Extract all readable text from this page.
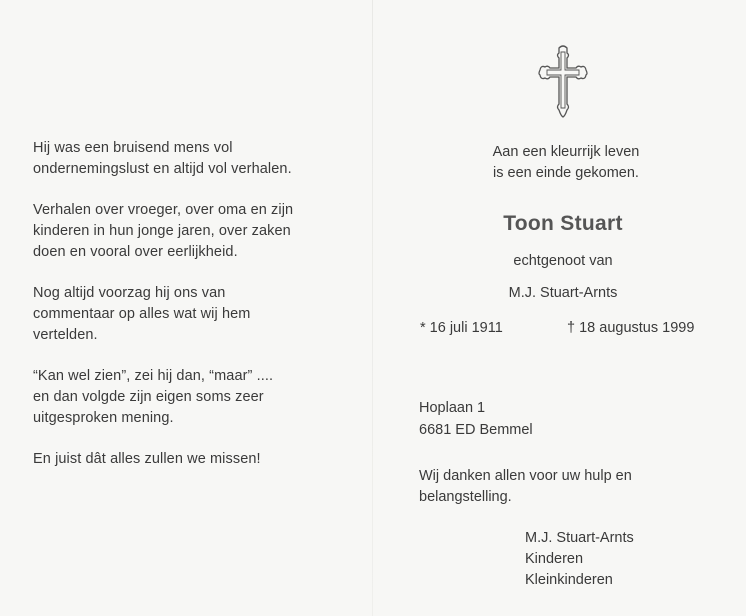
Hij was een bruisend mens vol
ondernemingslust en altijd vol verhalen.

Verhalen over vroeger, over oma en zijn
kinderen in hun jonge jaren, over zaken
doen en vooral over eerlijkheid.

Nog altijd voorzag hij ons van
commentaar op alles wat wij hem
vertelden.

“Kan wel zien”, zei hij dan, “maar” ....
en dan volgde zijn eigen soms zeer
uitgesproken mening.

En juist dât alles zullen we missen!

Aan een kleurrijk leven
is een einde gekomen.
Toon Stuart
echtgenoot van
M.J. Stuart-Arnts
* 16 juli 1911	† 18 augustus 1999
Hoplaan 1
6681 ED Bemmel
Wij danken allen voor uw hulp en
belangstelling.
M.J. Stuart-Arnts
Kinderen
Kleinkinderen
